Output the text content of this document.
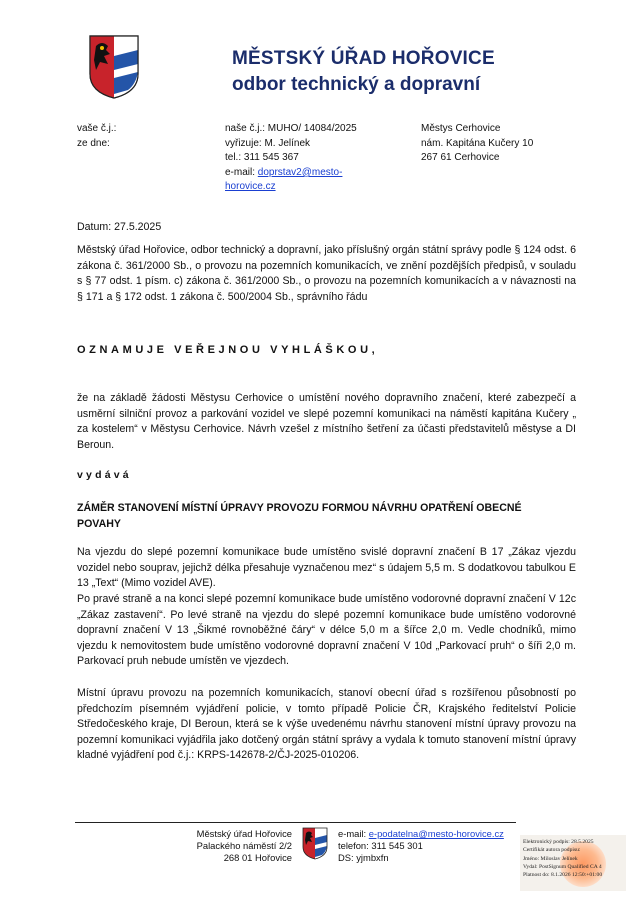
MĚSTSKÝ ÚŘAD HOŘOVICE
odbor technický a dopravní
vaše č.j.:
ze dne:
naše č.j.: MUHO/ 14084/2025
vyřizuje: M. Jelínek
tel.: 311 545 367
e-mail: doprstav2@mesto-
horovice.cz
Městys Cerhovice
nám. Kapitána Kučery 10
267 61 Cerhovice
Datum: 27.5.2025
Městský úřad Hořovice, odbor technický a dopravní, jako příslušný orgán státní správy podle § 124 odst. 6 zákona č. 361/2000 Sb., o provozu na pozemních komunikacích, ve znění pozdějších předpisů, v souladu s § 77 odst. 1 písm. c) zákona č. 361/2000 Sb., o provozu na pozemních komunikacích a v návaznosti na § 171 a § 172 odst. 1 zákona č. 500/2004 Sb., správního řádu
OZNAMUJE VEŘEJNOU VYHLÁŠKOU,
že na základě žádosti Městysu Cerhovice o umístění nového dopravního značení, které zabezpečí a usměrní silniční provoz a parkování vozidel ve slepé pozemní komunikaci na náměstí kapitána Kučery „ za kostelem“ v Městysu Cerhovice. Návrh vzešel z místního šetření za účasti představitelů městyse a DI Beroun.
vydává
ZÁMĚR STANOVENÍ MÍSTNÍ ÚPRAVY PROVOZU FORMOU NÁVRHU OPATŘENÍ OBECNÉ POVAHY
Na vjezdu do slepé pozemní komunikace bude umístěno svislé dopravní značení B 17 „Zákaz vjezdu vozidel nebo souprav, jejichž délka přesahuje vyznačenou mez“ s údajem 5,5 m. S dodatkovou tabulkou E 13 „Text“ (Mimo vozidel AVE).
Po pravé straně a na konci slepé pozemní komunikace bude umístěno vodorovné dopravní značení V 12c „Zákaz zastavení“. Po levé straně na vjezdu do slepé pozemní komunikace bude umístěno vodorovné dopravní značení V 13 „Šikmé rovnoběžné čáry“ v délce 5,0 m a šířce 2,0 m. Vedle chodníků, mimo vjezdu k nemovitostem bude umístěno vodorovné dopravní značení V 10d „Parkovací pruh“ o šíři 2,0 m. Parkovací pruh nebude umístěn ve vjezdech.
Místní úpravu provozu na pozemních komunikacích, stanoví obecní úřad s rozšířenou působností po předchozím písemném vyjádření policie, v tomto případě Policie ČR, Krajského ředitelství Policie Středočeského kraje, DI Beroun, která se k výše uvedenému návrhu stanovení místní úpravy provozu na pozemní komunikaci vyjádřila jako dotčený orgán státní správy a vydala k tomuto stanovení místní úpravy kladné vyjádření pod č.j.: KRPS-142678-2/ČJ-2025-010206.
Městský úřad Hořovice
Palackého náměstí 2/2
268 01 Hořovice
e-mail: e-podatelna@mesto-horovice.cz
telefon: 311 545 301
DS: yjmbxfn
Elektronický podpis: 28.5.2025
Certifikát autora podpisu:
Jméno: Miloslav Jelínek
Vydal: PostSignum Qualified CA 4
Platnost do: 8.1.2026 12:50:+01:00
